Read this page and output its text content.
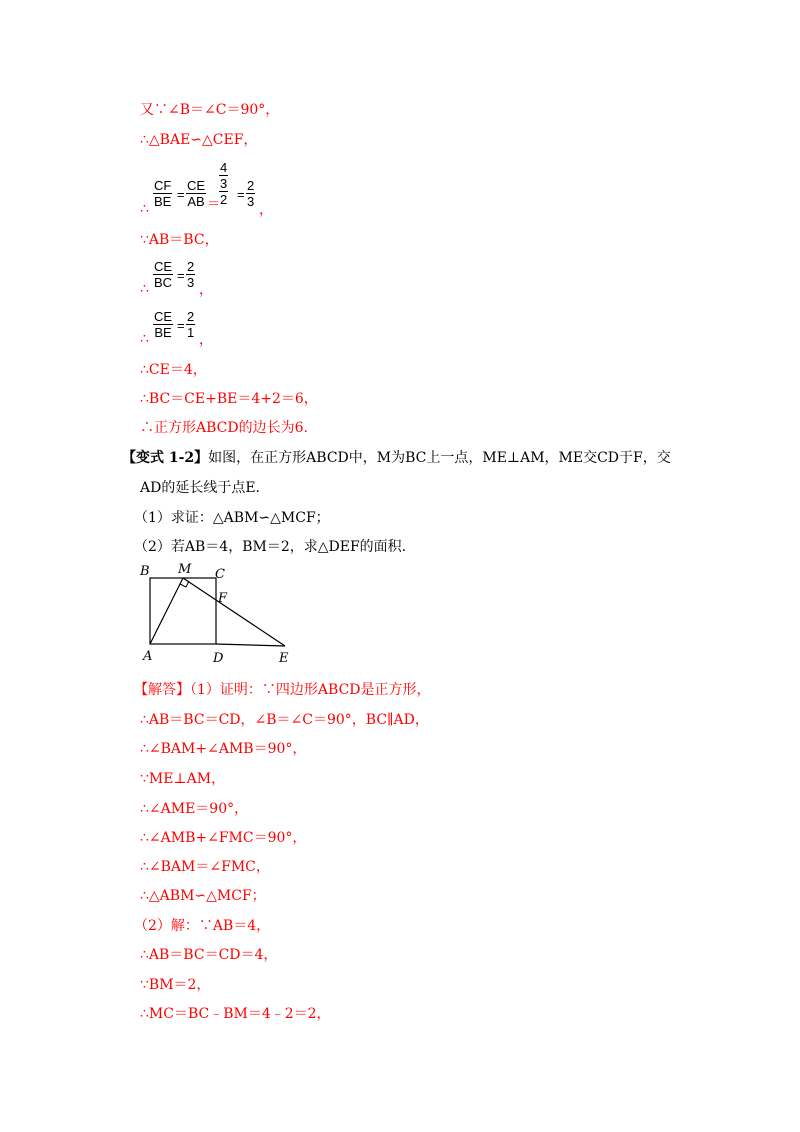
又∵∠B＝∠C＝90°，
∴△BAE∽△CEF，
∴ $\frac{CF}{BE} = \frac{CE}{AB}$ ＝
4
3
$2 = \frac{2}{3}$
，
∵AB＝BC，
∴ $\frac{CE}{BC} = \frac{2}{3}$ ，
∴ $\frac{CE}{BE} = \frac{2}{1}$ ，
∴CE＝4，
∴BC＝CE+BE＝4+2＝6，
∴正方形ABCD的边长为6.
【变式 1-2】如图，在正方形ABCD中，M为BC上一点，ME⊥AM，ME交CD于F，交
AD的延长线于点E.
（1）求证：△ABM∽△MCF；
（2）若AB＝4，BM＝2，求△DEF的面积.
B M C
F
A	D	E
【解答】（1）证明：∵四边形ABCD是正方形，
∴AB＝BC＝CD，∠B＝∠C＝90°，BC∥AD，
∴∠BAM+∠AMB＝90°，
∵ME⊥AM，
∴∠AME＝90°，
∴∠AMB+∠FMC＝90°，
∴∠BAM＝∠FMC，
∴△ABM∽△MCF；
（2）解：∵AB＝4，
∴AB＝BC＝CD＝4，
∵BM＝2，
∴MC＝BC﹣BM＝4﹣2＝2，
